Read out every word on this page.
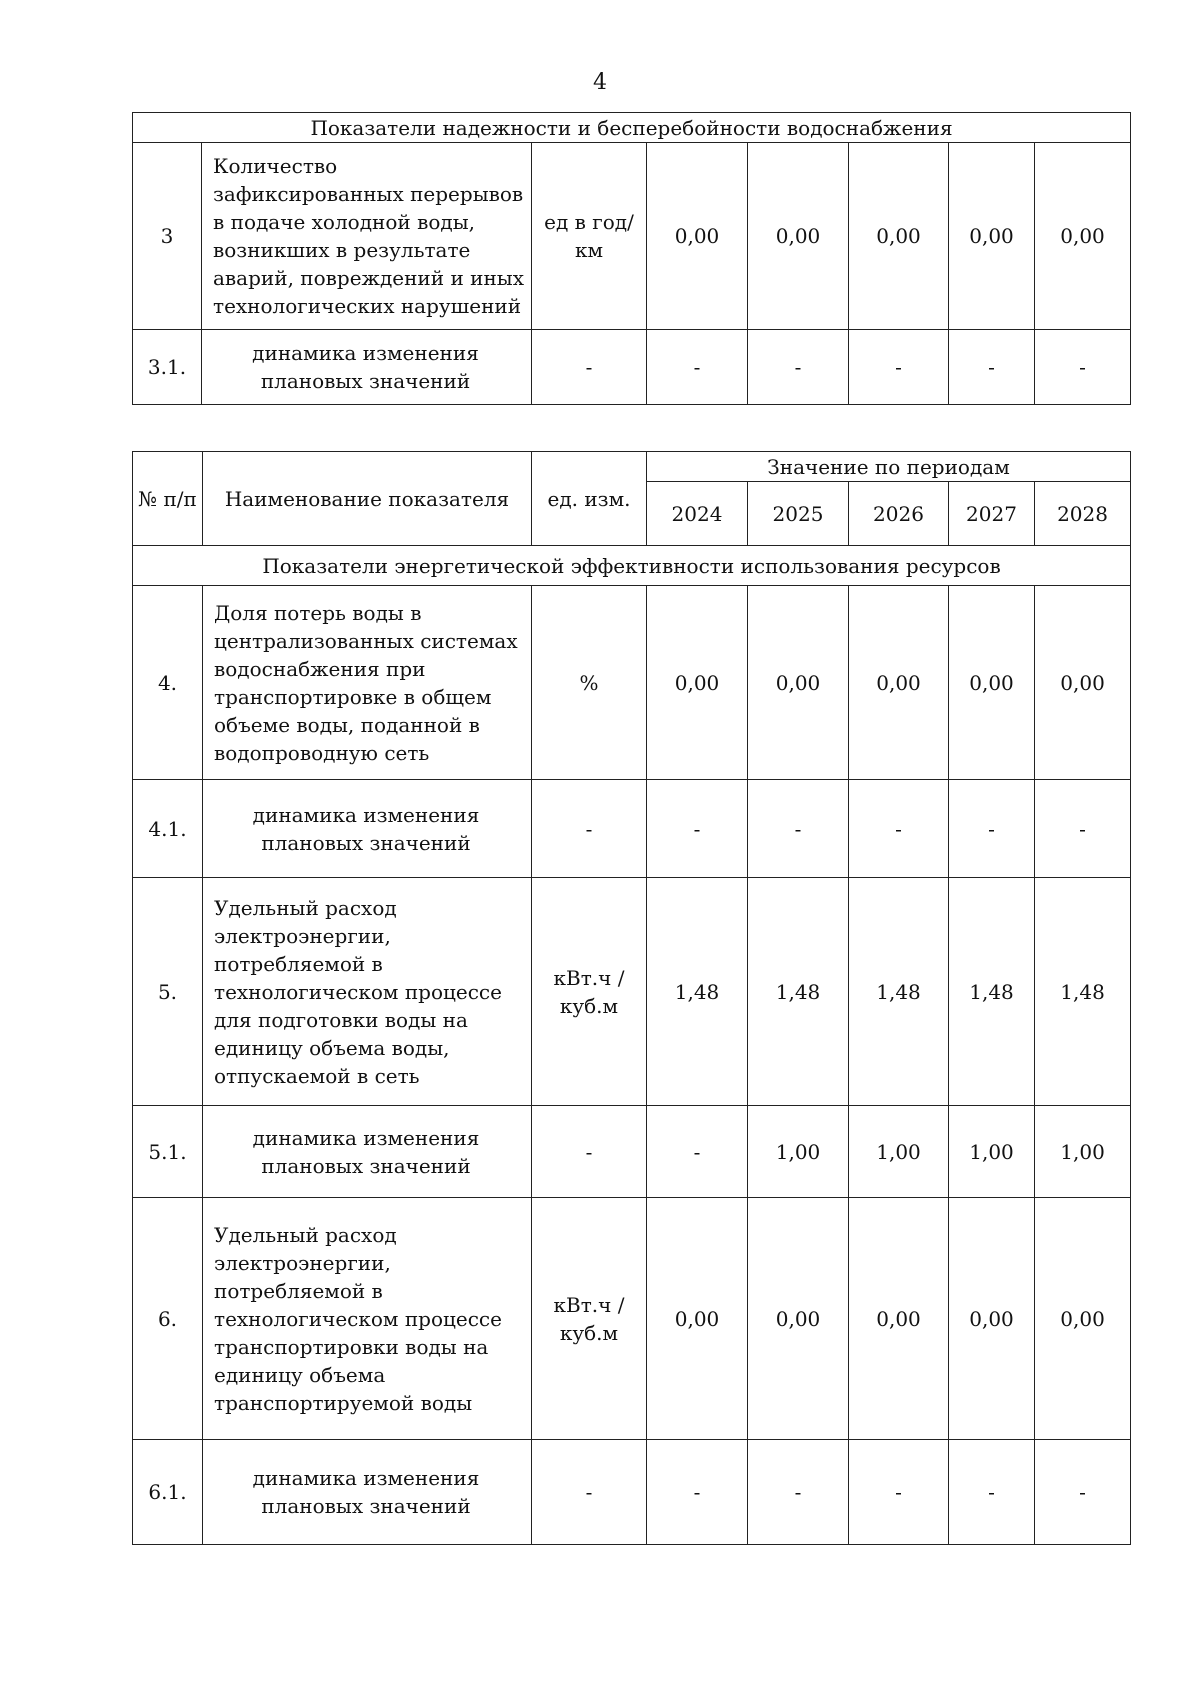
4
Показатели надежности и бесперебойности водоснабжения							
3	Количество зафиксированных перерывов в подаче холодной воды, возникших в результате аварий, повреждений и иных технологических нарушений	ед в год/ км	0,00	0,00	0,00	0,00	0,00
3.1.	динамика изменения плановых значений	-	-	-	-	-	-
№ п/п	Наименование показателя	ед. изм.	Значение по периодам				
			2024	2025	2026	2027	2028
Показатели энергетической эффективности использования ресурсов							
4.	Доля потерь воды в централизованных системах водоснабжения при транспортировке в общем объеме воды, поданной в водопроводную сеть	%	0,00	0,00	0,00	0,00	0,00
4.1.	динамика изменения плановых значений	-	-	-	-	-	-
5.	Удельный расход электроэнергии, потребляемой в технологическом процессе для подготовки воды на единицу объема воды, отпускаемой в сеть	кВт.ч / куб.м	1,48	1,48	1,48	1,48	1,48
5.1.	динамика изменения плановых значений	-	-	1,00	1,00	1,00	1,00
6.	Удельный расход электроэнергии, потребляемой в технологическом процессе транспортировки воды на единицу объема транспортируемой воды	кВт.ч / куб.м	0,00	0,00	0,00	0,00	0,00
6.1.	динамика изменения плановых значений	-	-	-	-	-	-
